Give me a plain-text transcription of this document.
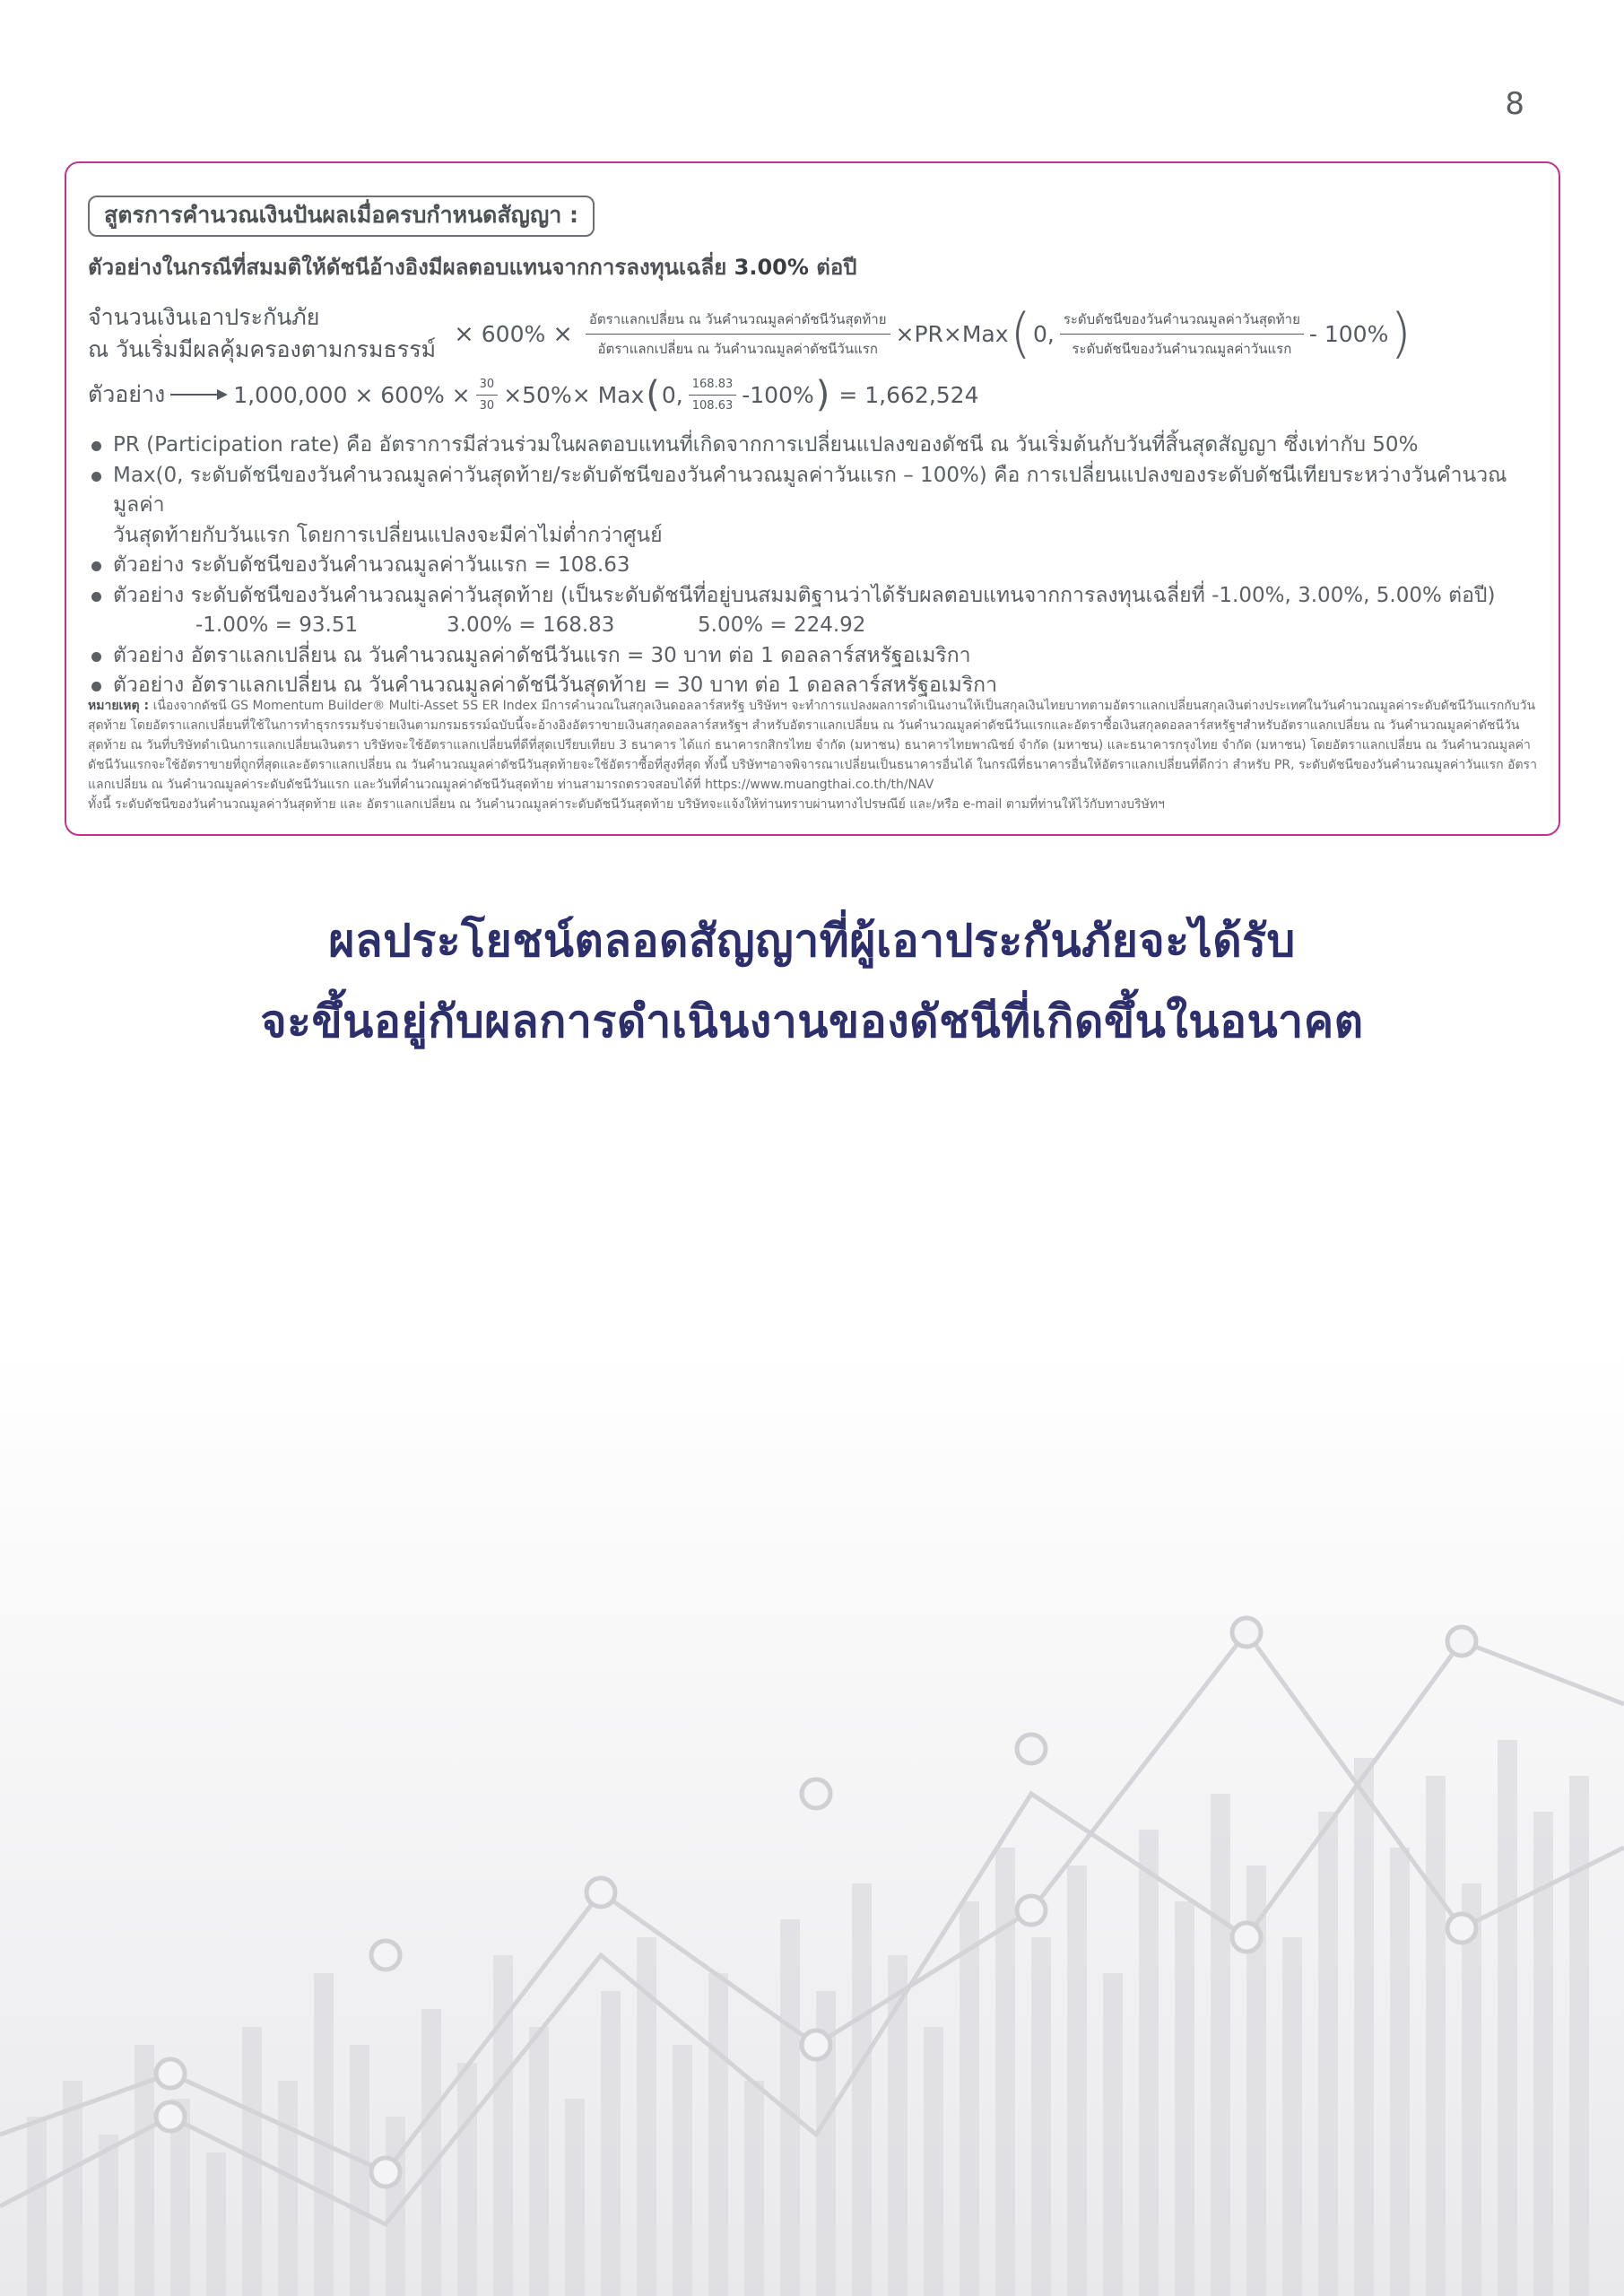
8
สูตรการคำนวณเงินปันผลเมื่อครบกำหนดสัญญา :
ตัวอย่างในกรณีที่สมมติให้ดัชนีอ้างอิงมีผลตอบแทนจากการลงทุนเฉลี่ย 3.00% ต่อปี
จำนวนเงินเอาประกันภัย
ณ วันเริ่มมีผลคุ้มครองตามกรมธรรม์
× $600\% \times \frac{\text{อัตราแลกเปลี่ยน ณ วันคำนวณมูลค่าดัชนีวันสุดท้าย}}{\text{อัตราแลกเปลี่ยน ณ วันคำนวณมูลค่าดัชนีวันแรก}} \times PR\times Max$ ( 0, $\frac{\text{ระดับดัชนีของวันคำนวณมูลค่าวันสุดท้าย}}{\text{ระดับดัชนีของวันคำนวณมูลค่าวันแรก}} - 100\%$ )
ตัวอย่าง	$1,000,000 \times 600\% \times \frac{30}{30} \times 50\%\times$ Max ( 0, $\frac{168.83}{108.63} -100\%$ ) = 1,662,524
PR (Participation rate) คือ อัตราการมีส่วนร่วมในผลตอบแทนที่เกิดจากการเปลี่ยนแปลงของดัชนี ณ วันเริ่มต้นกับวันที่สิ้นสุดสัญญา ซึ่งเท่ากับ 50%
Max(0, ระดับดัชนีของวันคำนวณมูลค่าวันสุดท้าย/ระดับดัชนีของวันคำนวณมูลค่าวันแรก – 100%) คือ การเปลี่ยนแปลงของระดับดัชนีเทียบระหว่างวันคำนวณมูลค่า
วันสุดท้ายกับวันแรก โดยการเปลี่ยนแปลงจะมีค่าไม่ต่ำกว่าศูนย์
ตัวอย่าง ระดับดัชนีของวันคำนวณมูลค่าวันแรก = 108.63
ตัวอย่าง ระดับดัชนีของวันคำนวณมูลค่าวันสุดท้าย (เป็นระดับดัชนีที่อยู่บนสมมติฐานว่าได้รับผลตอบแทนจากการลงทุนเฉลี่ยที่ -1.00%, 3.00%, 5.00% ต่อปี)
-1.00% = 93.51	3.00% = 168.83	5.00% = 224.92
ตัวอย่าง อัตราแลกเปลี่ยน ณ วันคำนวณมูลค่าดัชนีวันแรก = 30 บาท ต่อ 1 ดอลลาร์สหรัฐอเมริกา
ตัวอย่าง อัตราแลกเปลี่ยน ณ วันคำนวณมูลค่าดัชนีวันสุดท้าย = 30 บาท ต่อ 1 ดอลลาร์สหรัฐอเมริกา
หมายเหตุ : เนื่องจากดัชนี GS Momentum Builder® Multi-Asset 5S ER Index มีการคำนวณในสกุลเงินดอลลาร์สหรัฐ บริษัทฯ จะทำการแปลงผลการดำเนินงานให้เป็นสกุลเงินไทยบาทตามอัตราแลกเปลี่ยนสกุลเงินต่างประเทศในวันคำนวณมูลค่าระดับดัชนีวันแรกกับวันสุดท้าย โดยอัตราแลกเปลี่ยนที่ใช้ในการทำธุรกรรมรับจ่ายเงินตามกรมธรรม์ฉบับนี้จะอ้างอิงอัตราขายเงินสกุลดอลลาร์สหรัฐฯ สำหรับอัตราแลกเปลี่ยน ณ วันคำนวณมูลค่าดัชนีวันแรกและอัตราซื้อเงินสกุลดอลลาร์สหรัฐฯสำหรับอัตราแลกเปลี่ยน ณ วันคำนวณมูลค่าดัชนีวันสุดท้าย ณ วันที่บริษัทดำเนินการแลกเปลี่ยนเงินตรา บริษัทจะใช้อัตราแลกเปลี่ยนที่ดีที่สุดเปรียบเทียบ 3 ธนาคาร ได้แก่ ธนาคารกสิกรไทย จำกัด (มหาชน) ธนาคารไทยพาณิชย์ จำกัด (มหาชน) และธนาคารกรุงไทย จำกัด (มหาชน) โดยอัตราแลกเปลี่ยน ณ วันคำนวณมูลค่าดัชนีวันแรกจะใช้อัตราขายที่ถูกที่สุดและอัตราแลกเปลี่ยน ณ วันคำนวณมูลค่าดัชนีวันสุดท้ายจะใช้อัตราซื้อที่สูงที่สุด ทั้งนี้ บริษัทฯอาจพิจารณาเปลี่ยนเป็นธนาคารอื่นได้ ในกรณีที่ธนาคารอื่นให้อัตราแลกเปลี่ยนที่ดีกว่า สำหรับ PR, ระดับดัชนีของวันคำนวณมูลค่าวันแรก อัตราแลกเปลี่ยน ณ วันคำนวณมูลค่าระดับดัชนีวันแรก และวันที่คำนวณมูลค่าดัชนีวันสุดท้าย ท่านสามารถตรวจสอบได้ที่ https://www.muangthai.co.th/th/NAV
ทั้งนี้ ระดับดัชนีของวันคำนวณมูลค่าวันสุดท้าย และ อัตราแลกเปลี่ยน ณ วันคำนวณมูลค่าระดับดัชนีวันสุดท้าย บริษัทจะแจ้งให้ท่านทราบผ่านทางไปรษณีย์ และ/หรือ e-mail ตามที่ท่านให้ไว้กับทางบริษัทฯ
ผลประโยชน์ตลอดสัญญาที่ผู้เอาประกันภัยจะได้รับ
จะขึ้นอยู่กับผลการดำเนินงานของดัชนีที่เกิดขึ้นในอนาคต
